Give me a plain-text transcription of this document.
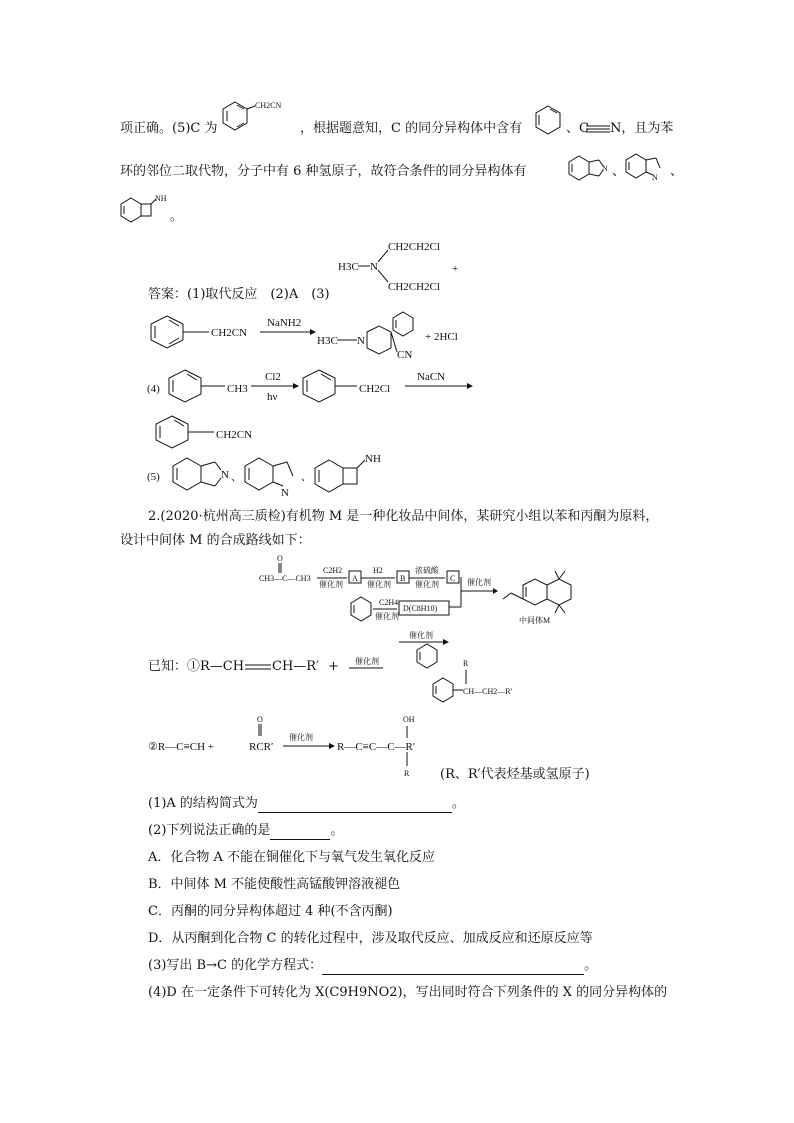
项正确。(5)C 为
CH2CN
，根据题意知，C 的同分异构体中含有	、C N，且为苯
环的邻位二取代物，分子中有 6 种氢原子，故符合条件的同分异构体有	N 、	N 、
NH
。
H3C N
CH2CH2Cl
CH2CH2Cl
+
答案：(1)取代反应　(2)A　(3)
CH2CN
NaNH2
H3C N
CN
+ 2HCl
(4)	CH3
Cl2
hν
CH2Cl
NaCN
CH2CN
(5)	N 、
N
、
NH
2.(2020·杭州高三质检)有机物 M 是一种化妆品中间体，某研究小组以苯和丙酮为原料，
设计中间体 M 的合成路线如下：
O
CH3—C—CH3
C2H2
催化剂
A
H2
催化剂
B
浓硫酸
催化剂
C 催化剂
C2H4
催化剂
D(C8H10)
中间体M
已知：①R—CH CH—R′ +
催化剂
催化剂	R
CH—CH2—R′
②R—C≡CH +
O
RCR′
催化剂
R—C≡C—C—R′
OH
R (R、R′代表烃基或氢原子)
(1)A 的结构简式为	。
(2)下列说法正确的是	。
A．化合物 A 不能在铜催化下与氧气发生氧化反应
B．中间体 M 不能使酸性高锰酸钾溶液褪色
C．丙酮的同分异构体超过 4 种(不含丙酮)
D．从丙酮到化合物 C 的转化过程中，涉及取代反应、加成反应和还原反应等
(3)写出 B→C 的化学方程式：	。
(4)D 在一定条件下可转化为 X(C9H9NO2)，写出同时符合下列条件的 X 的同分异构体的
